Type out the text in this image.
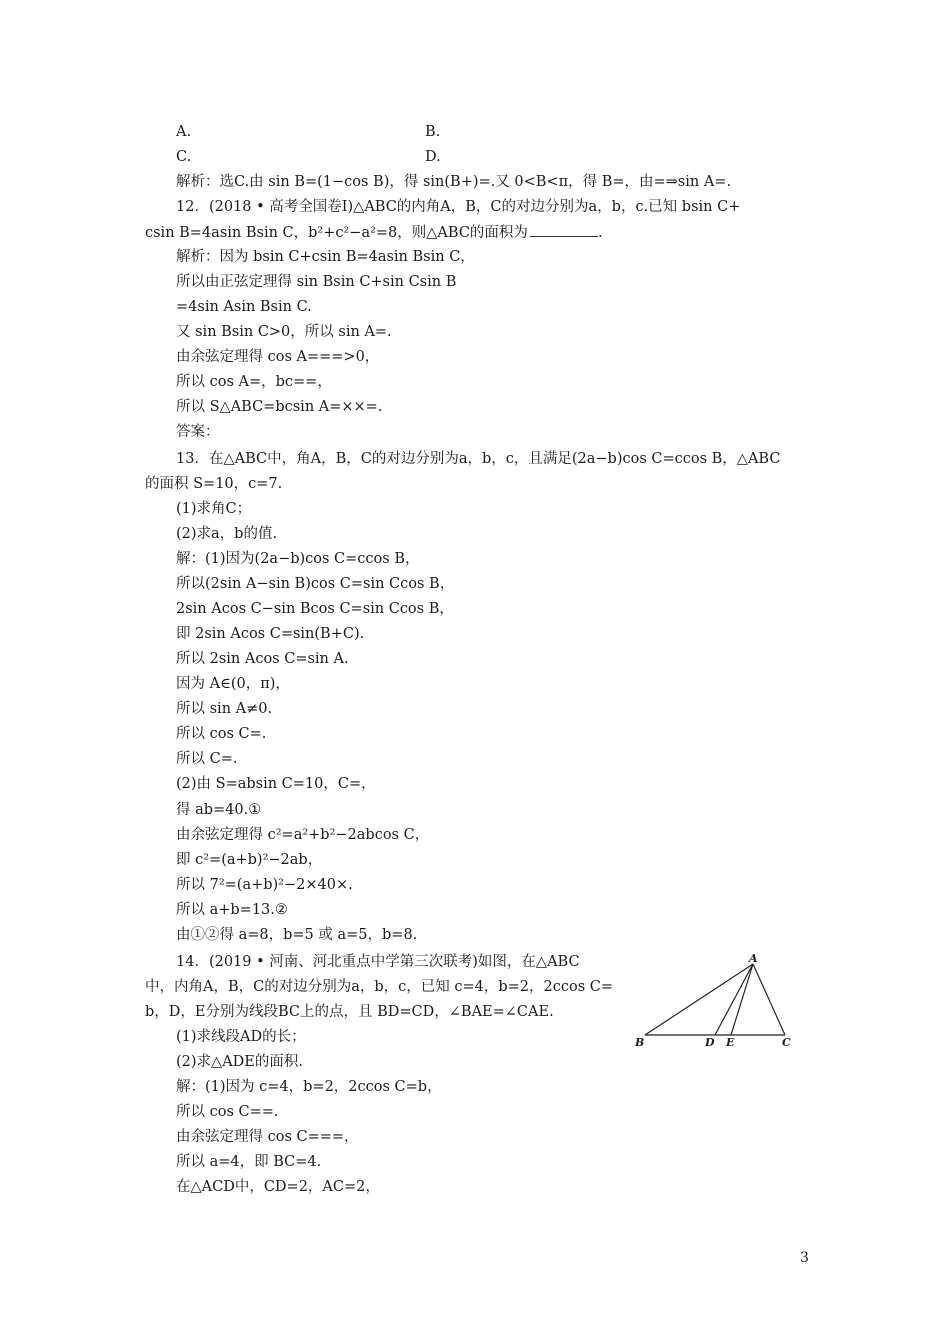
A.	B.
C.	D.
解析：选C.由 sin B=(1−cos B)，得 sin(B+)=.又 0<B<π，得 B=，由=⇒sin A=.
12．(2018 • 高考全国卷Ⅰ)△ABC的内角A，B，C的对边分别为a，b，c.已知 bsin C+
csin B=4asin Bsin C，b²+c²−a²=8，则△ABC的面积为	.
解析：因为 bsin C+csin B=4asin Bsin C，
所以由正弦定理得 sin Bsin C+sin Csin B
=4sin Asin Bsin C.
又 sin Bsin C>0，所以 sin A=.
由余弦定理得 cos A===>0，
所以 cos A=，bc==，
所以 S△ABC=bcsin A=××=.
答案：
13．在△ABC中，角A，B，C的对边分别为a，b，c，且满足(2a−b)cos C=ccos B，△ABC
的面积 S=10，c=7.
(1)求角C；
(2)求a，b的值.
解：(1)因为(2a−b)cos C=ccos B，
所以(2sin A−sin B)cos C=sin Ccos B，
2sin Acos C−sin Bcos C=sin Ccos B，
即 2sin Acos C=sin(B+C).
所以 2sin Acos C=sin A.
因为 A∈(0，π)，
所以 sin A≠0.
所以 cos C=.
所以 C=.
(2)由 S=absin C=10，C=，
得 ab=40.①
由余弦定理得 c²=a²+b²−2abcos C，
即 c²=(a+b)²−2ab，
所以 7²=(a+b)²−2×40×.
所以 a+b=13.②
由①②得 a=8，b=5 或 a=5，b=8.
14．(2019 • 河南、河北重点中学第三次联考)如图，在△ABC
中，内角A，B，C的对边分别为a，b，c，已知 c=4，b=2，2ccos C=
b，D，E分别为线段BC上的点，且 BD=CD，∠BAE=∠CAE.
(1)求线段AD的长；
(2)求△ADE的面积.
解：(1)因为 c=4，b=2，2ccos C=b，
所以 cos C==.
由余弦定理得 cos C===，
所以 a=4，即 BC=4.
在△ACD中，CD=2，AC=2，
A
B	D E	C
3
